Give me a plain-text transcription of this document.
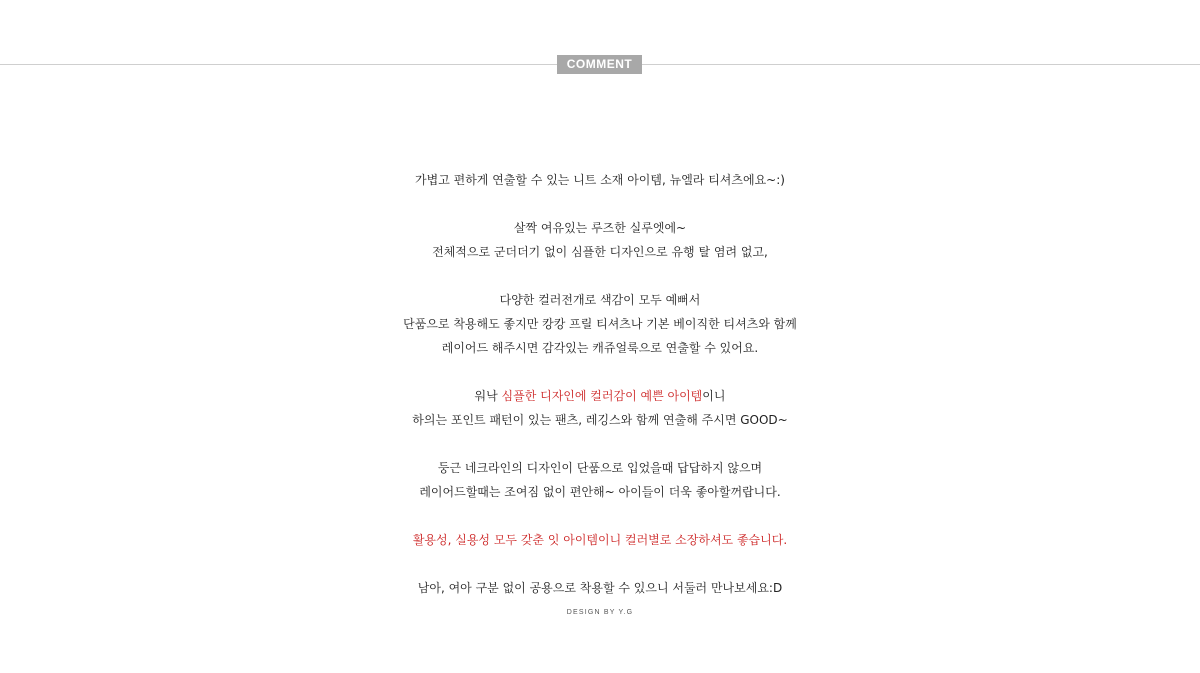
COMMENT

가볍고 편하게 연출할 수 있는 니트 소재 아이템, 뉴엘라 티셔츠에요~:)

살짝 여유있는 루즈한 실루엣에~

전체적으로 군더더기 없이 심플한 디자인으로 유행 탈 염려 없고,

다양한 컬러전개로 색감이 모두 예뻐서

단품으로 착용해도 좋지만 캉캉 프릴 티셔츠나 기본 베이직한 티셔츠와 함께

레이어드 해주시면 감각있는 캐쥬얼룩으로 연출할 수 있어요.

워낙 심플한 디자인에 컬러감이 예쁜 아이템이니

하의는 포인트 패턴이 있는 팬츠, 레깅스와 함께 연출해 주시면 GOOD~

둥근 네크라인의 디자인이 단품으로 입었을때 답답하지 않으며

레이어드할때는 조여짐 없이 편안해~ 아이들이 더욱 좋아할꺼랍니다.

활용성, 실용성 모두 갖춘 잇 아이템이니 컬러별로 소장하셔도 좋습니다.

남아, 여아 구분 없이 공용으로 착용할 수 있으니 서둘러 만나보세요:D

DESIGN BY Y.G
